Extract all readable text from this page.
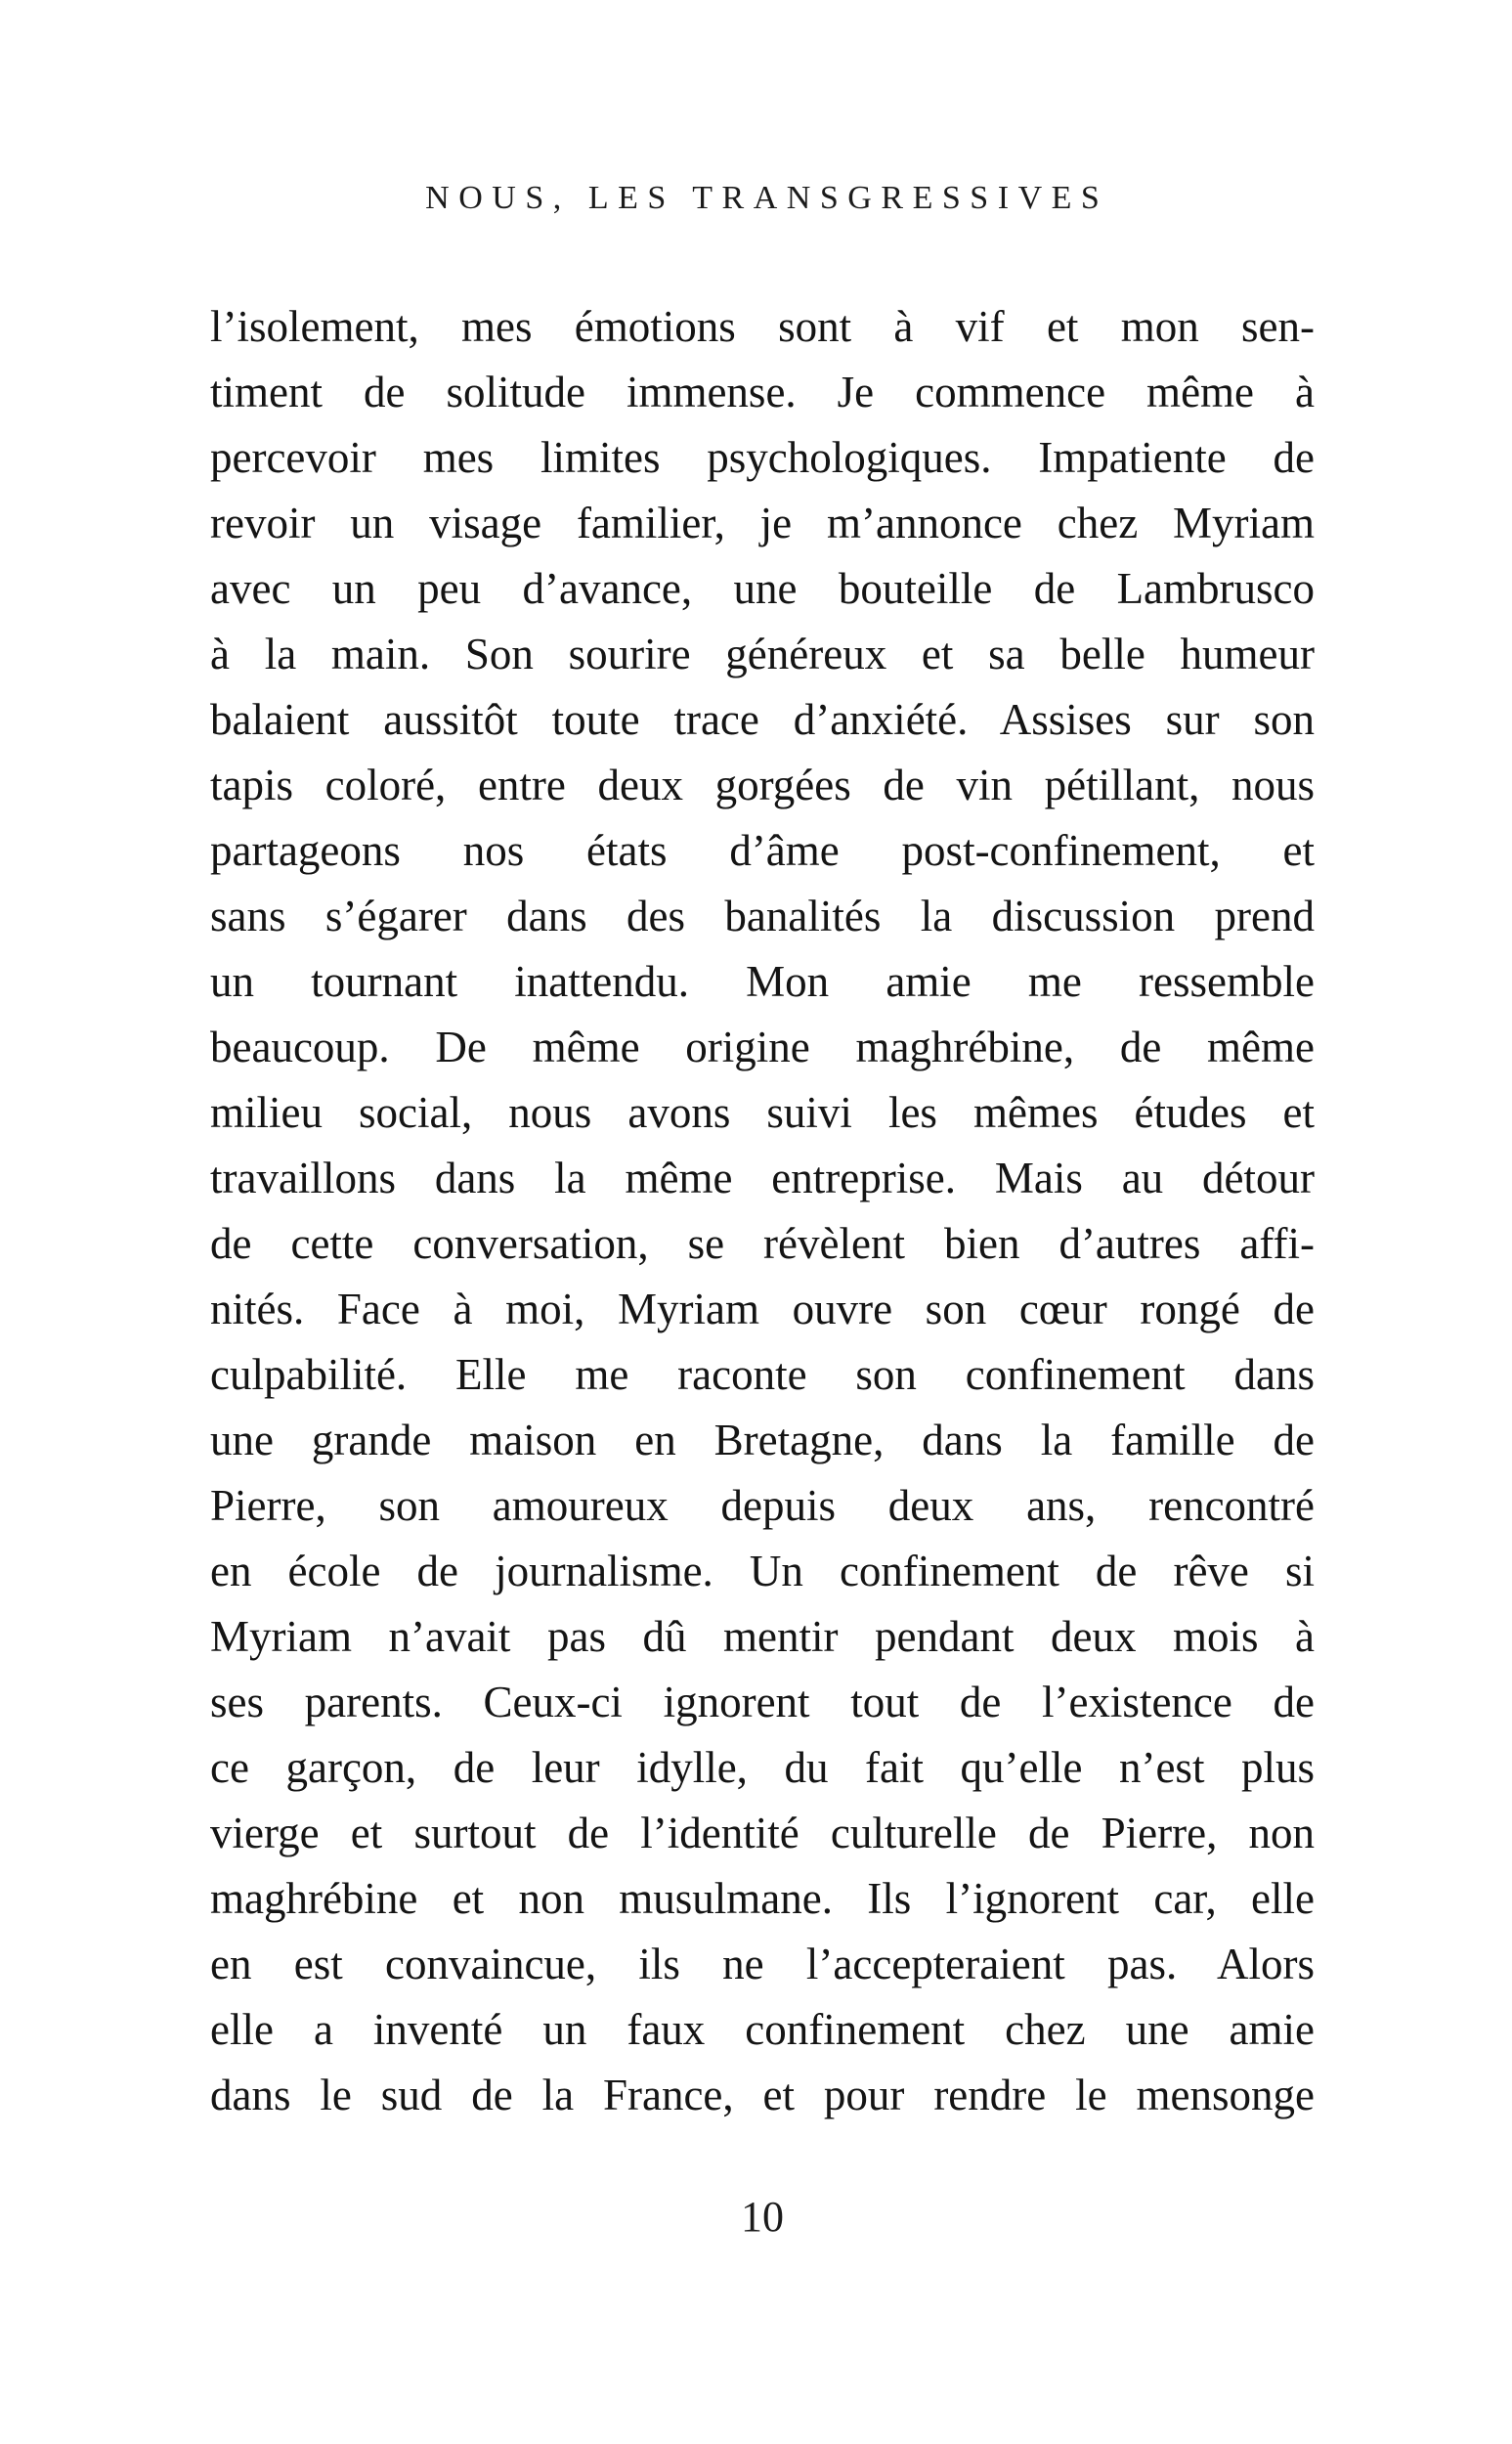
NOUS, LES TRANSGRESSIVES
l’isolement, mes émotions sont à vif et mon sen-
timent de solitude immense. Je commence même à
percevoir mes limites psychologiques. Impatiente de
revoir un visage familier, je m’annonce chez Myriam
avec un peu d’avance, une bouteille de Lambrusco
à la main. Son sourire généreux et sa belle humeur
balaient aussitôt toute trace d’anxiété. Assises sur son
tapis coloré, entre deux gorgées de vin pétillant, nous
partageons nos états d’âme post-confinement, et
sans s’égarer dans des banalités la discussion prend
un tournant inattendu. Mon amie me ressemble
beaucoup. De même origine maghrébine, de même
milieu social, nous avons suivi les mêmes études et
travaillons dans la même entreprise. Mais au détour
de cette conversation, se révèlent bien d’autres affi-
nités. Face à moi, Myriam ouvre son cœur rongé de
culpabilité. Elle me raconte son confinement dans
une grande maison en Bretagne, dans la famille de
Pierre, son amoureux depuis deux ans, rencontré
en école de journalisme. Un confinement de rêve si
Myriam n’avait pas dû mentir pendant deux mois à
ses parents. Ceux-ci ignorent tout de l’existence de
ce garçon, de leur idylle, du fait qu’elle n’est plus
vierge et surtout de l’identité culturelle de Pierre, non
maghrébine et non musulmane. Ils l’ignorent car, elle
en est convaincue, ils ne l’accepteraient pas. Alors
elle a inventé un faux confinement chez une amie
dans le sud de la France, et pour rendre le mensonge
10
